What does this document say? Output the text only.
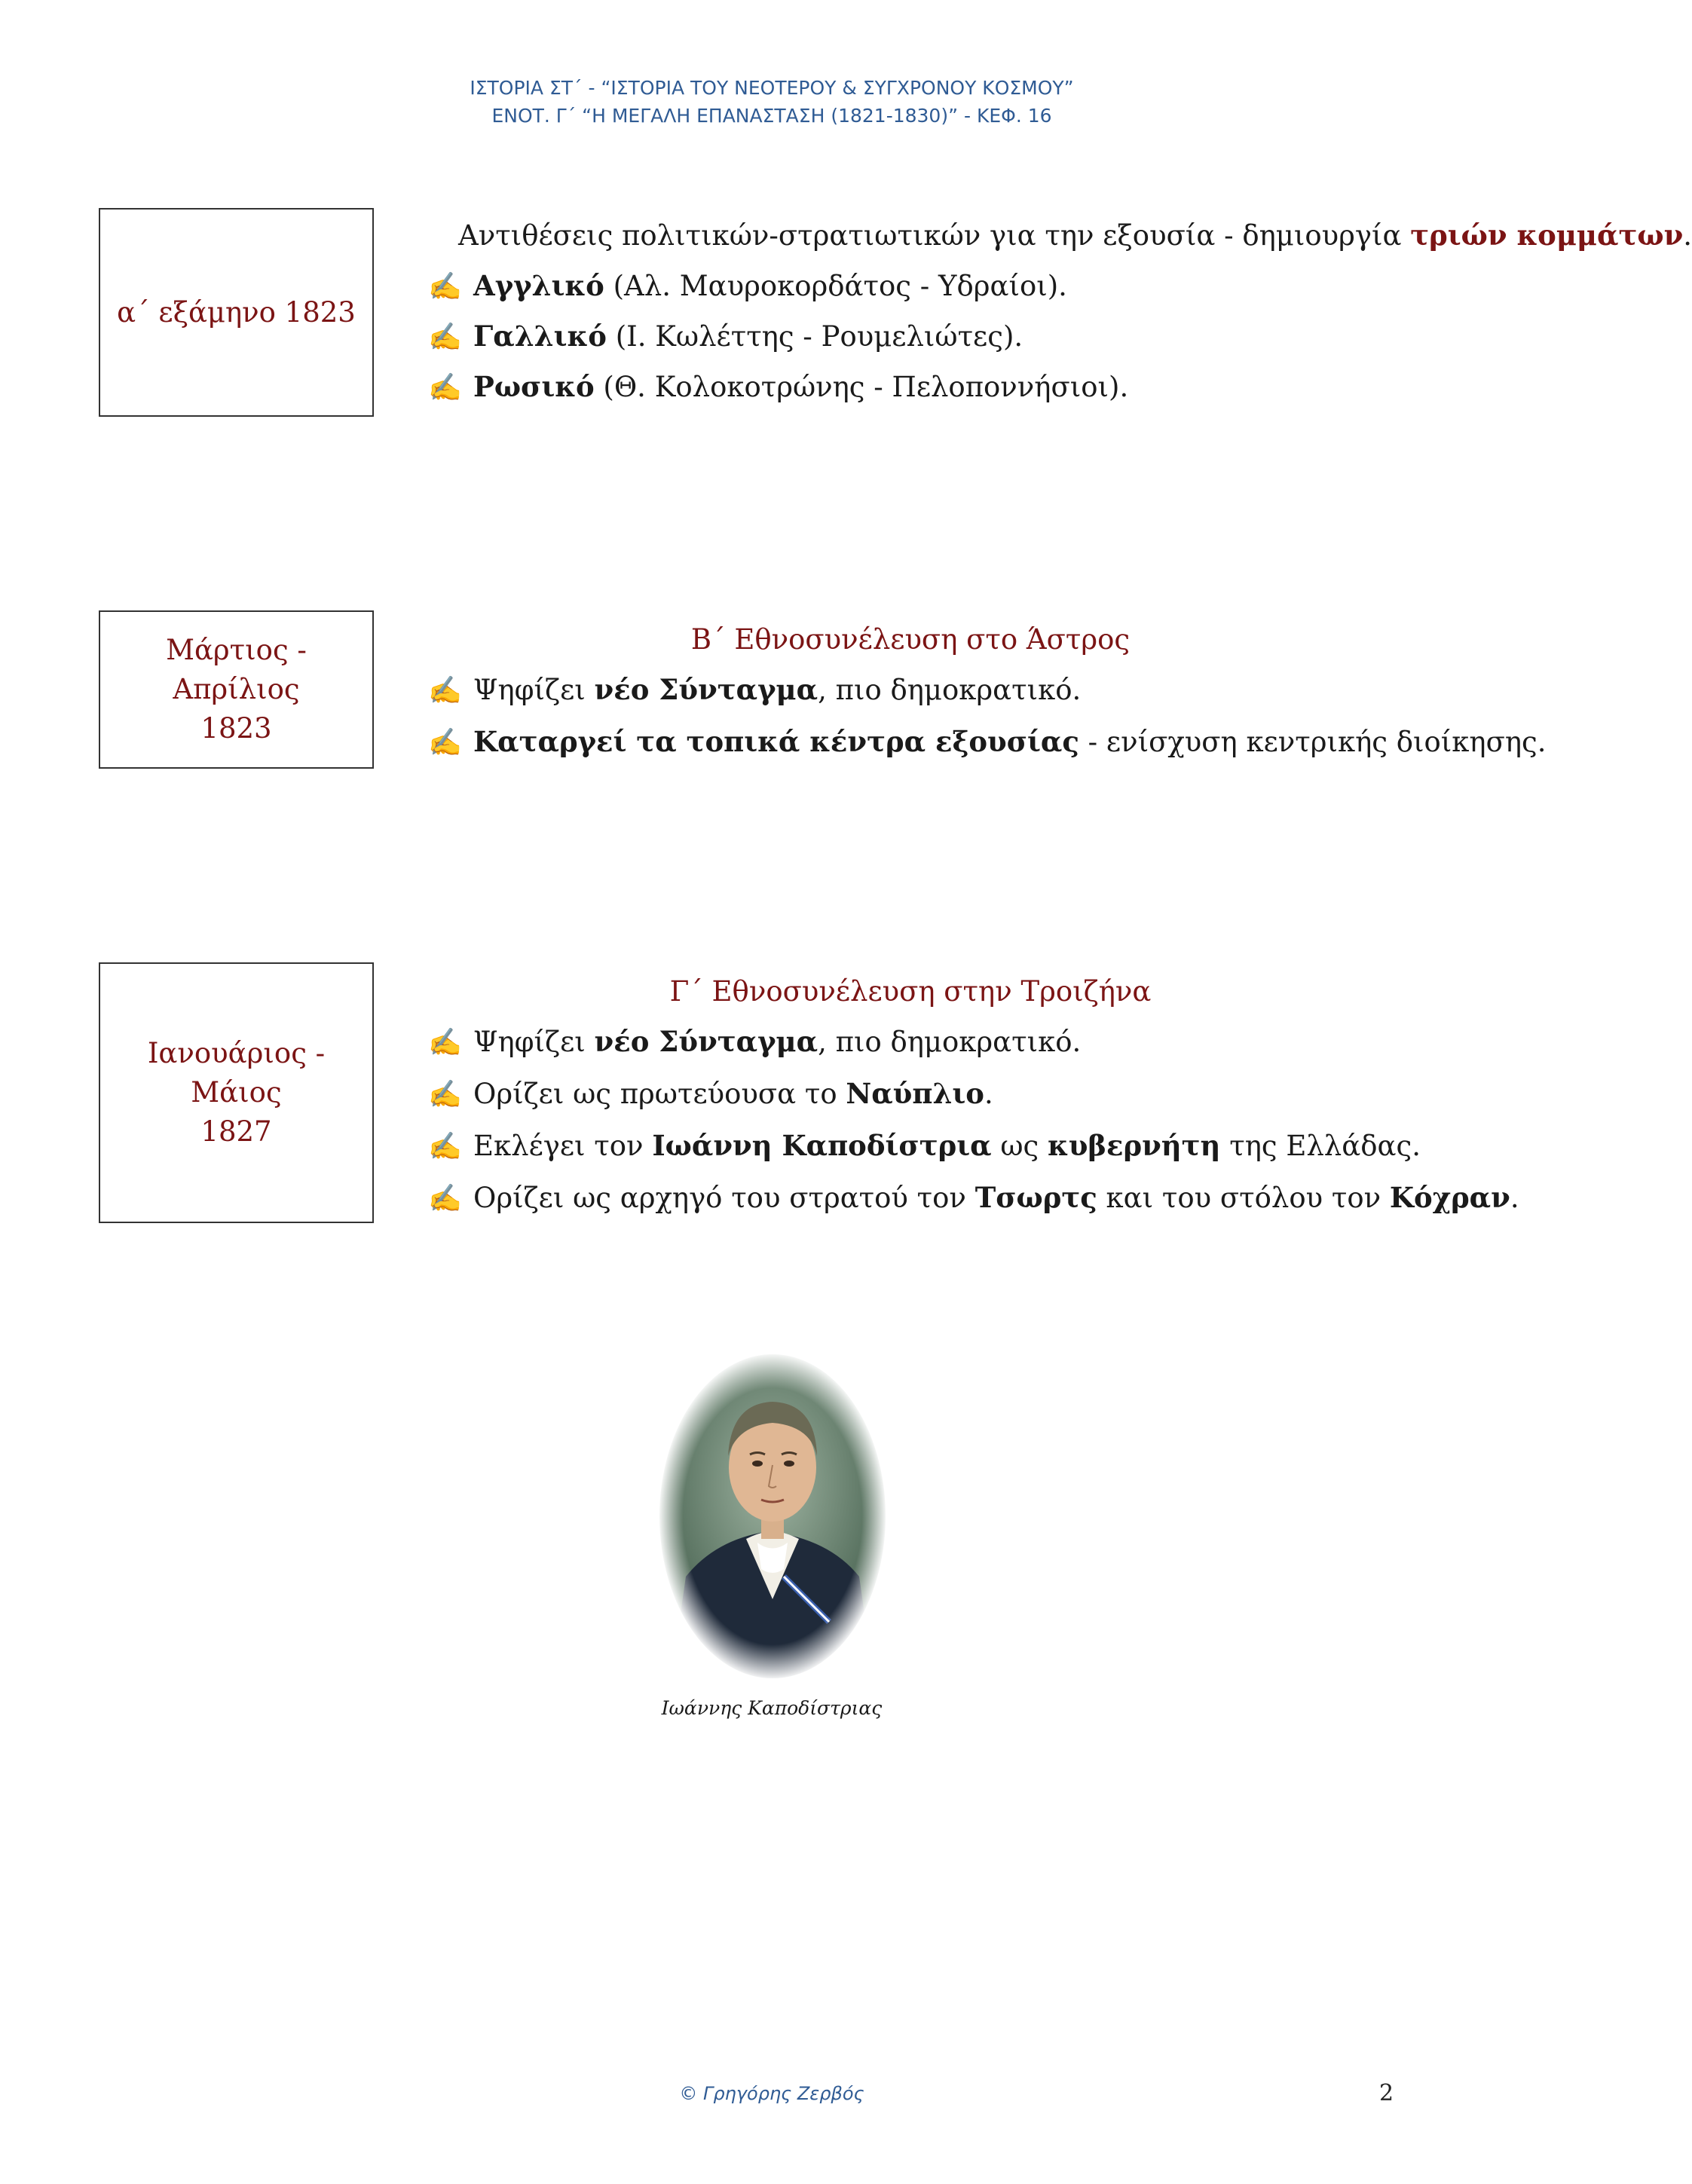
ΙΣΤΟΡΙΑ ΣΤ΄ - “ΙΣΤΟΡΙΑ ΤΟΥ ΝΕΟΤΕΡΟΥ & ΣΥΓΧΡΟΝΟΥ ΚΟΣΜΟΥ”
ΕΝΟΤ. Γ΄ “Η ΜΕΓΑΛΗ ΕΠΑΝΑΣΤΑΣΗ (1821-1830)” - ΚΕΦ. 16
α΄ εξάμηνο 1823
Αντιθέσεις πολιτικών-στρατιωτικών για την εξουσία - δημιουργία τριών κομμάτων.
✍ Αγγλικό (Αλ. Μαυροκορδάτος - Υδραίοι).
✍ Γαλλικό (Ι. Κωλέττης - Ρουμελιώτες).
✍ Ρωσικό (Θ. Κολοκοτρώνης - Πελοποννήσιοι).
Μάρτιος - Απρίλιος
1823
Β΄ Εθνοσυνέλευση στο Άστρος
✍ Ψηφίζει νέο Σύνταγμα, πιο δημοκρατικό.
✍ Καταργεί τα τοπικά κέντρα εξουσίας - ενίσχυση κεντρικής διοίκησης.
Ιανουάριος - Μάιος
1827
Γ΄ Εθνοσυνέλευση στην Τροιζήνα
✍ Ψηφίζει νέο Σύνταγμα, πιο δημοκρατικό.
✍ Ορίζει ως πρωτεύουσα το Ναύπλιο.
✍ Εκλέγει τον Ιωάννη Καποδίστρια ως κυβερνήτη της Ελλάδας.
✍ Ορίζει ως αρχηγό του στρατού τον Τσωρτς και του στόλου τον Κόχραν.
Ιωάννης Καποδίστριας
© Γρηγόρης Ζερβός	2
